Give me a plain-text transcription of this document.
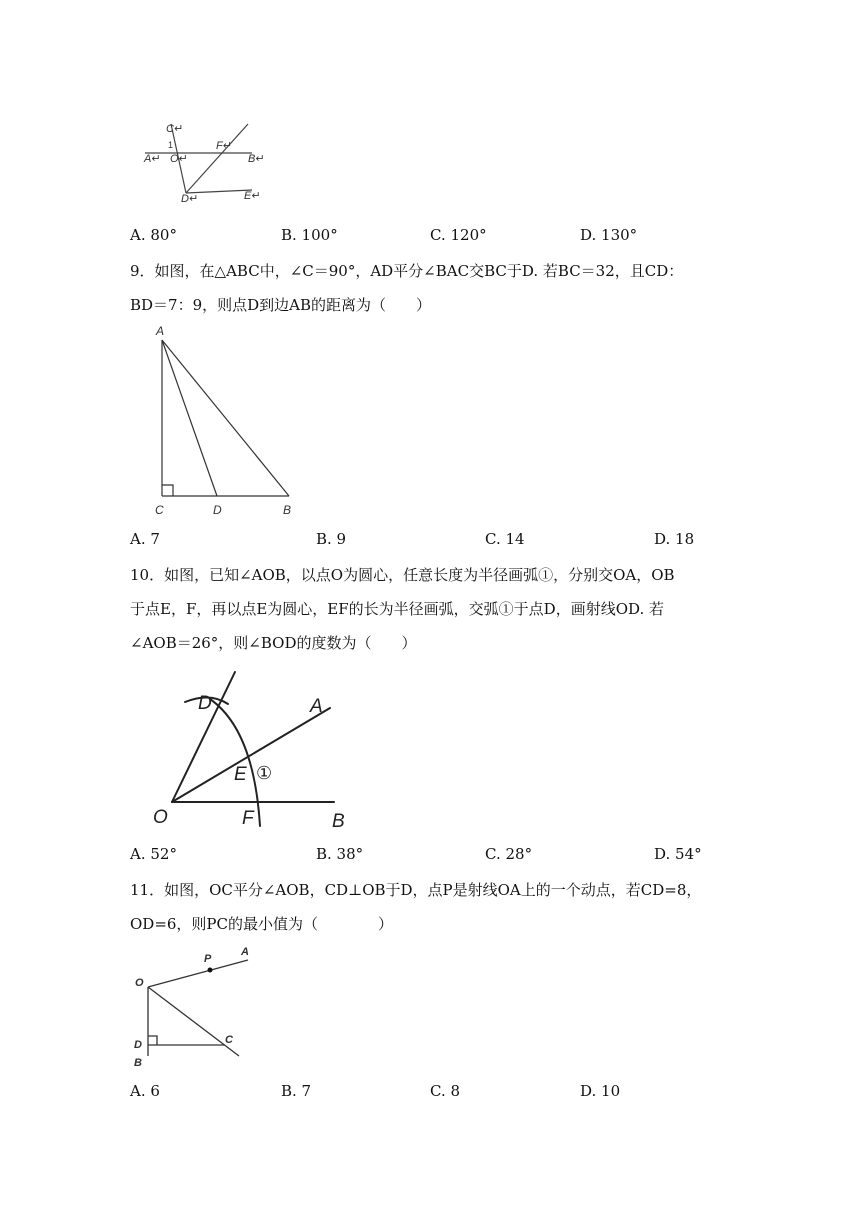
C↵
1
A↵ O↵
F↵
B↵
D↵	E↵
A. 80°	B. 100°	C. 120°	D. 130°
9．如图，在△ABC中，∠C＝90°，AD平分∠BAC交BC于D. 若BC＝32，且CD：
BD＝7：9，则点D到边AB的距离为（　　）
A
C	D	B
A. 7	B. 9	C. 14	D. 18
10．如图，已知∠AOB，以点O为圆心，任意长度为半径画弧①，分别交OA，OB
于点E，F，再以点E为圆心，EF的长为半径画弧，交弧①于点D，画射线OD. 若
∠AOB＝26°，则∠BOD的度数为（　　）
D	A
E ①
O	F	B
A. 52°	B. 38°	C. 28°	D. 54°
11．如图，OC平分∠AOB，CD⊥OB于D，点P是射线OA上的一个动点，若CD=8，
OD=6，则PC的最小值为（　　　　）
O
P
A
D	C
B
A. 6	B. 7	C. 8	D. 10
